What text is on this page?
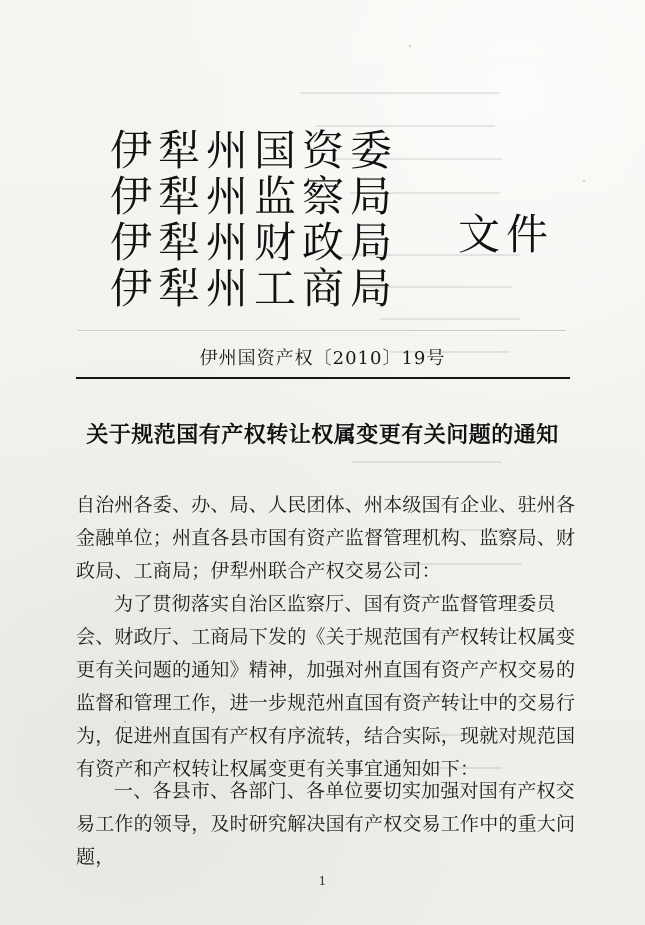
伊犁州国资委
伊犁州监察局
伊犁州财政局
伊犁州工商局
文件
伊州国资产权〔2010〕19号
关于规范国有产权转让权属变更有关问题的通知
自治州各委、办、局、人民团体、州本级国有企业、驻州各金融单位；州直各县市国有资产监督管理机构、监察局、财政局、工商局；伊犁州联合产权交易公司：
为了贯彻落实自治区监察厅、国有资产监督管理委员会、财政厅、工商局下发的《关于规范国有产权转让权属变更有关问题的通知》精神，加强对州直国有资产产权交易的监督和管理工作，进一步规范州直国有资产转让中的交易行为，促进州直国有产权有序流转，结合实际，现就对规范国有资产和产权转让权属变更有关事宜通知如下：
一、各县市、各部门、各单位要切实加强对国有产权交易工作的领导，及时研究解决国有产权交易工作中的重大问题，
1
